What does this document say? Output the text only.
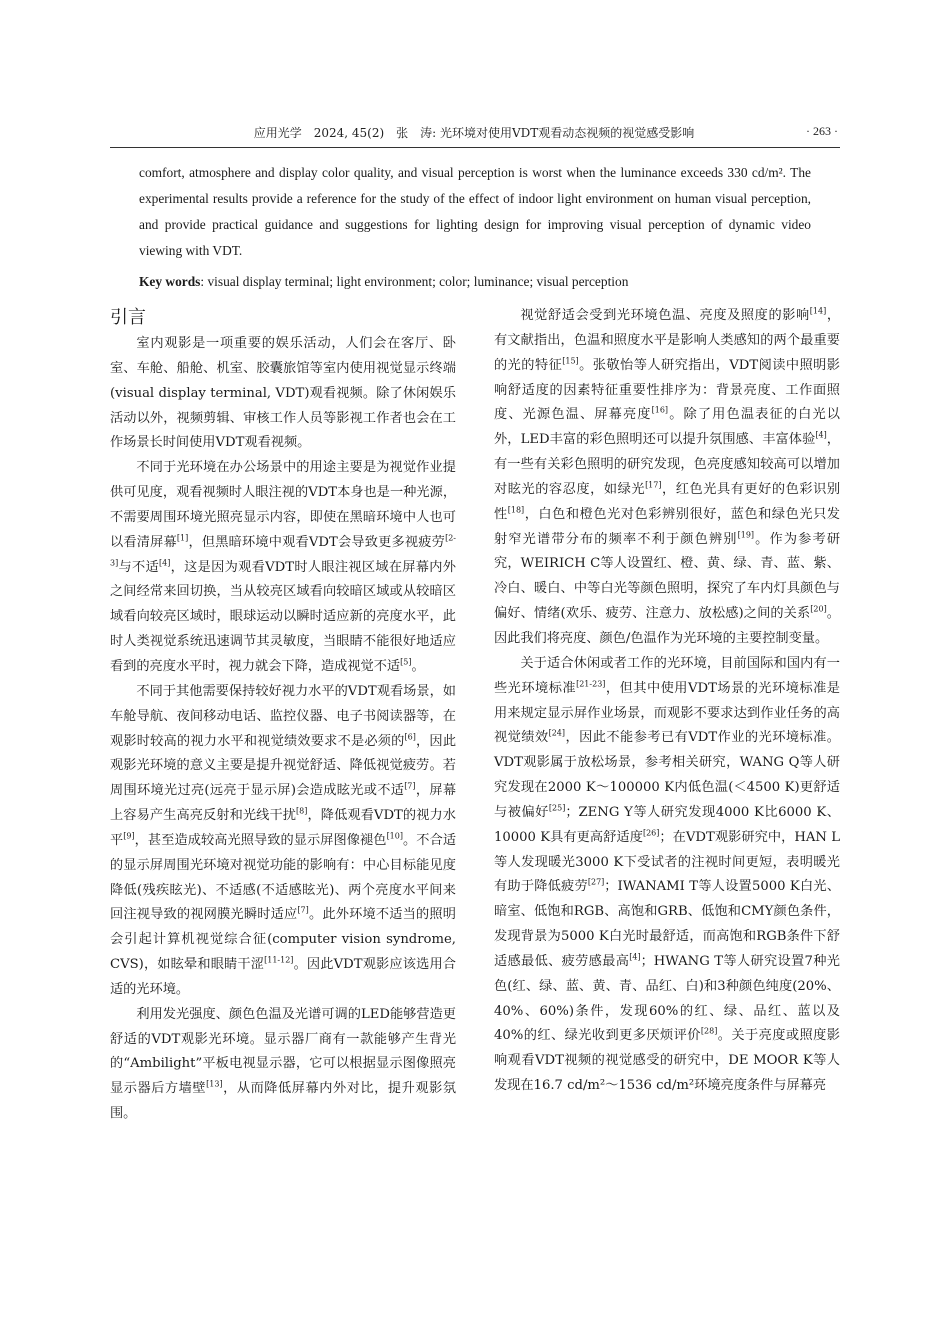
应用光学　2024, 45(2)　张　涛: 光环境对使用VDT观看动态视频的视觉感受影响	· 263 ·

comfort, atmosphere and display color quality, and visual perception is worst when the luminance exceeds 330 cd/m². The experimental results provide a reference for the study of the effect of indoor light environment on human visual perception, and provide practical guidance and suggestions for lighting design for improving visual perception of dynamic video viewing with VDT.

Key words: visual display terminal; light environment; color; luminance; visual perception
引言

室内观影是一项重要的娱乐活动，人们会在客厅、卧室、车舱、船舱、机室、胶囊旅馆等室内使用视觉显示终端(visual display terminal, VDT)观看视频。除了休闲娱乐活动以外，视频剪辑、审核工作人员等影视工作者也会在工作场景长时间使用VDT观看视频。

不同于光环境在办公场景中的用途主要是为视觉作业提供可见度，观看视频时人眼注视的VDT本身也是一种光源，不需要周围环境光照亮显示内容，即使在黑暗环境中人也可以看清屏幕[1]，但黑暗环境中观看VDT会导致更多视疲劳[2-3]与不适[4]，这是因为观看VDT时人眼注视区域在屏幕内外之间经常来回切换，当从较亮区域看向较暗区域或从较暗区域看向较亮区域时，眼球运动以瞬时适应新的亮度水平，此时人类视觉系统迅速调节其灵敏度，当眼睛不能很好地适应看到的亮度水平时，视力就会下降，造成视觉不适[5]。

不同于其他需要保持较好视力水平的VDT观看场景，如车舱导航、夜间移动电话、监控仪器、电子书阅读器等，在观影时较高的视力水平和视觉绩效要求不是必须的[6]，因此观影光环境的意义主要是提升视觉舒适、降低视觉疲劳。若周围环境光过亮(远亮于显示屏)会造成眩光或不适[7]，屏幕上容易产生高亮反射和光线干扰[8]，降低观看VDT的视力水平[9]，甚至造成较高光照导致的显示屏图像褪色[10]。不合适的显示屏周围光环境对视觉功能的影响有：中心目标能见度降低(残疾眩光)、不适感(不适感眩光)、两个亮度水平间来回注视导致的视网膜光瞬时适应[7]。此外环境不适当的照明会引起计算机视觉综合征(computer vision syndrome, CVS)，如眩晕和眼睛干涩[11-12]。因此VDT观影应该选用合适的光环境。

利用发光强度、颜色色温及光谱可调的LED能够营造更舒适的VDT观影光环境。显示器厂商有一款能够产生背光的“Ambilight”平板电视显示器，它可以根据显示图像照亮显示器后方墙壁[13]，从而降低屏幕内外对比，提升观影氛围。

视觉舒适会受到光环境色温、亮度及照度的影响[14]，有文献指出，色温和照度水平是影响人类感知的两个最重要的光的特征[15]。张敬怡等人研究指出，VDT阅读中照明影响舒适度的因素特征重要性排序为：背景亮度、工作面照度、光源色温、屏幕亮度[16]。除了用色温表征的白光以外，LED丰富的彩色照明还可以提升氛围感、丰富体验[4]，有一些有关彩色照明的研究发现，色亮度感知较高可以增加对眩光的容忍度，如绿光[17]，红色光具有更好的色彩识别性[18]，白色和橙色光对色彩辨别很好，蓝色和绿色光只发射窄光谱带分布的频率不利于颜色辨别[19]。作为参考研究，WEIRICH C等人设置红、橙、黄、绿、青、蓝、紫、冷白、暖白、中等白光等颜色照明，探究了车内灯具颜色与偏好、情绪(欢乐、疲劳、注意力、放松感)之间的关系[20]。因此我们将亮度、颜色/色温作为光环境的主要控制变量。

关于适合休闲或者工作的光环境，目前国际和国内有一些光环境标准[21-23]，但其中使用VDT场景的光环境标准是用来规定显示屏作业场景，而观影不要求达到作业任务的高视觉绩效[24]，因此不能参考已有VDT作业的光环境标准。VDT观影属于放松场景，参考相关研究，WANG Q等人研究发现在2000 K～100000 K内低色温(＜4500 K)更舒适与被偏好[25]；ZENG Y等人研究发现4000 K比6000 K、10000 K具有更高舒适度[26]；在VDT观影研究中，HAN L等人发现暖光3000 K下受试者的注视时间更短，表明暖光有助于降低疲劳[27]；IWANAMI T等人设置5000 K白光、暗室、低饱和RGB、高饱和GRB、低饱和CMY颜色条件，发现背景为5000 K白光时最舒适，而高饱和RGB条件下舒适感最低、疲劳感最高[4]；HWANG T等人研究设置7种光色(红、绿、蓝、黄、青、品红、白)和3种颜色纯度(20%、40%、60%)条件，发现60%的红、绿、品红、蓝以及40%的红、绿光收到更多厌烦评价[28]。关于亮度或照度影响观看VDT视频的视觉感受的研究中，DE MOOR K等人发现在16.7 cd/m²～1536 cd/m²环境亮度条件与屏幕亮
